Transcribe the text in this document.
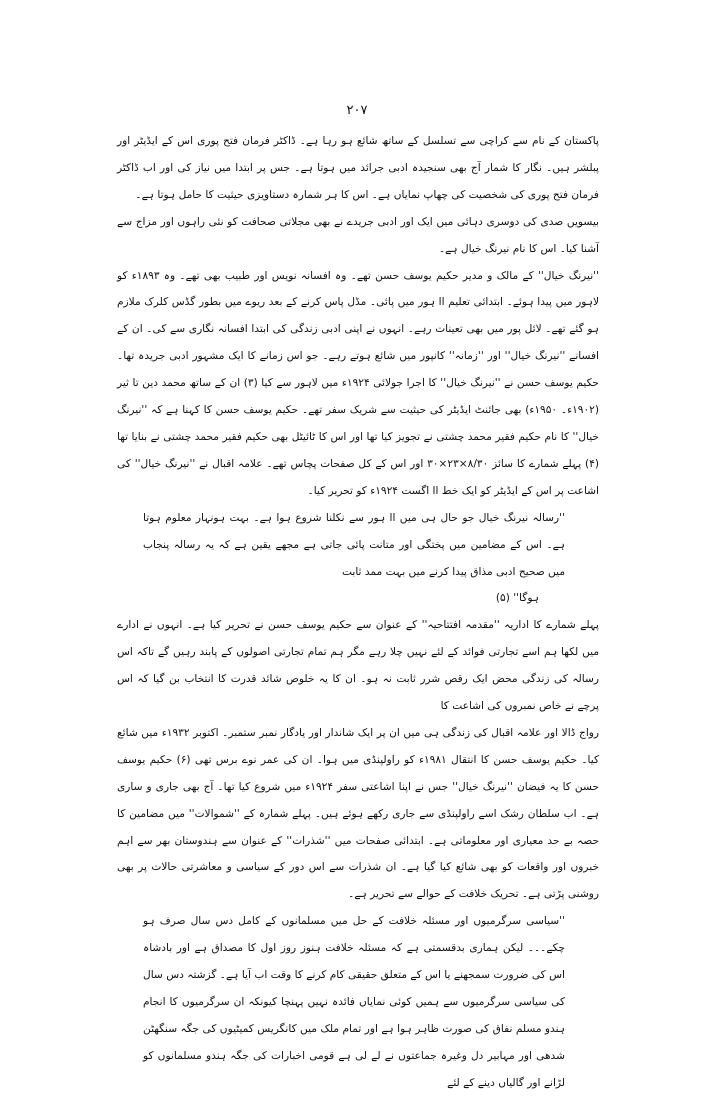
۲۰۷

پاکستان کے نام سے کراچی سے تسلسل کے ساتھ شائع ہو رہا ہے۔ ڈاکٹر فرمان فتح پوری اس کے ایڈیٹر اور پبلشر ہیں۔ نگار کا شمار آج بھی سنجیدہ ادبی جرائد میں ہوتا ہے۔ جس پر ابتدا میں نیاز کی اور اب ڈاکٹر فرمان فتح پوری کی شخصیت کی چھاپ نمایاں ہے۔ اس کا ہر شمارہ دستاویزی حیثیت کا حامل ہوتا ہے۔

بیسویں صدی کی دوسری دہائی میں ایک اور ادبی جریدے نے بھی مجلاتی صحافت کو نئی راہوں اور مزاج سے آشنا کیا۔ اس کا نام نیرنگ خیال ہے۔

''نیرنگ خیال'' کے مالک و مدیر حکیم یوسف حسن تھے۔ وہ افسانہ نویس اور طبیب بھی تھے۔ وہ ۱۸۹۳ء کو لاہور میں پیدا ہوئے۔ ابتدائی تعلیم اا ہور میں پائی۔ مڈل پاس کرنے کے بعد ریوے میں بطور گڈس کلرک ملازم ہو گئے تھے۔ لائل پور میں بھی تعینات رہے۔ انہوں نے اپنی ادبی زندگی کی ابتدا افسانہ نگاری سے کی۔ ان کے افسانے ''نیرنگ خیال'' اور ''زمانہ'' کانپور میں شائع ہوتے رہے۔ جو اس زمانے کا ایک مشہور ادبی جریدہ تھا۔ حکیم یوسف حسن نے ''نیرنگ خیال'' کا اجرا جولائی ۱۹۲۴ء میں لاہور سے کیا (۳) ان کے ساتھ محمد دین تا ثیر (۱۹۰۲ء۔ ۱۹۵۰ء) بھی جائنٹ ایڈیٹر کی حیثیت سے شریک سفر تھے۔ حکیم یوسف حسن کا کہنا ہے کہ ''نیرنگ خیال'' کا نام حکیم فقیر محمد چشتی نے تجویز کیا تھا اور اس کا ٹائیٹل بھی حکیم فقیر محمد چشتی نے بنایا تھا (۴) پہلے شمارے کا سائز ۸/۳۰×۲۳×۳۰ اور اس کے کل صفحات پچاس تھے۔ علامہ اقبال نے ''نیرنگ خیال'' کی اشاعت پر اس کے ایڈیٹر کو ایک خط اا اگست ۱۹۲۴ء کو تحریر کیا۔

''رسالہ نیرنگ خیال جو حال ہی میں اا ہور سے نکلنا شروع ہوا ہے۔ بہت ہونہار معلوم ہوتا ہے۔ اس کے مضامین میں پختگی اور متانت پائی جاتی ہے مجھے یقین ہے کہ یہ رسالہ پنجاب میں صحیح ادبی مذاق پیدا کرنے میں بہت ممد ثابت

ہوگا'' (۵)

پہلے شمارے کا اداریہ ''مقدمہ افتتاحیہ'' کے عنوان سے حکیم یوسف حسن نے تحریر کیا ہے۔ انہوں نے ادارے میں لکھا ہم اسے تجارتی فوائد کے لئے نہیں چلا رہے مگر ہم تمام تجارتی اصولوں کے پابند رہیں گے تاکہ اس رسالہ کی زندگی محض ایک رقص شرر ثابت نہ ہو۔ ان کا یہ خلوص شائد قدرت کا انتخاب بن گیا کہ اس پرچے نے خاص نمبروں کی اشاعت کا

رواج ڈالا اور علامہ اقبال کی زندگی ہی میں ان پر ایک شاندار اور یادگار نمبر ستمبر۔ اکتوبر ۱۹۳۲ء میں شائع کیا۔ حکیم یوسف حسن کا انتقال ۱۹۸۱ء کو راولپنڈی میں ہوا۔ ان کی عمر نوے برس تھی (۶) حکیم یوسف حسن کا یہ فیضان ''نیرنگ خیال'' جس نے اپنا اشاعتی سفر ۱۹۲۴ء میں شروع کیا تھا۔ آج بھی جاری و ساری ہے۔ اب سلطان رشک اسے راولپنڈی سے جاری رکھے ہوئے ہیں۔ پہلے شمارہ کے ''شموالات'' میں مضامین کا حصہ بے حد معیاری اور معلوماتی ہے۔ ابتدائی صفحات میں ''شذرات'' کے عنوان سے ہندوستان بھر سے اہم خبروں اور واقعات کو بھی شائع کیا گیا ہے۔ ان شذرات سے اس دور کے سیاسی و معاشرتی حالات پر بھی روشنی پڑتی ہے۔ تحریک خلافت کے حوالے سے تحریر ہے۔

''سیاسی سرگرمیوں اور مسئلہ خلافت کے حل میں مسلمانوں کے کامل دس سال صرف ہو چکے۔۔۔ لیکن ہماری بدقسمتی ہے کہ مسئلہ خلافت ہنوز روز اول کا مصداق ہے اور بادشاہ اس کی ضرورت سمجھنے یا اس کے متعلق حقیقی کام کرنے کا وقت اب آیا ہے۔ گزشتہ دس سال کی سیاسی سرگرمیوں سے ہمیں کوئی نمایاں فائدہ نہیں پہنچا کیونکہ ان سرگرمیوں کا انجام ہندو مسلم نفاق کی صورت ظاہر ہوا ہے اور تمام ملک میں کانگریس کمیٹیوں کی جگہ سنگھٹن شدھی اور مہابیر دل وغیرہ جماعتوں نے لے لی ہے قومی اخبارات کی جگہ ہندو مسلمانوں کو لڑانے اور گالیاں دینے کے لئے
